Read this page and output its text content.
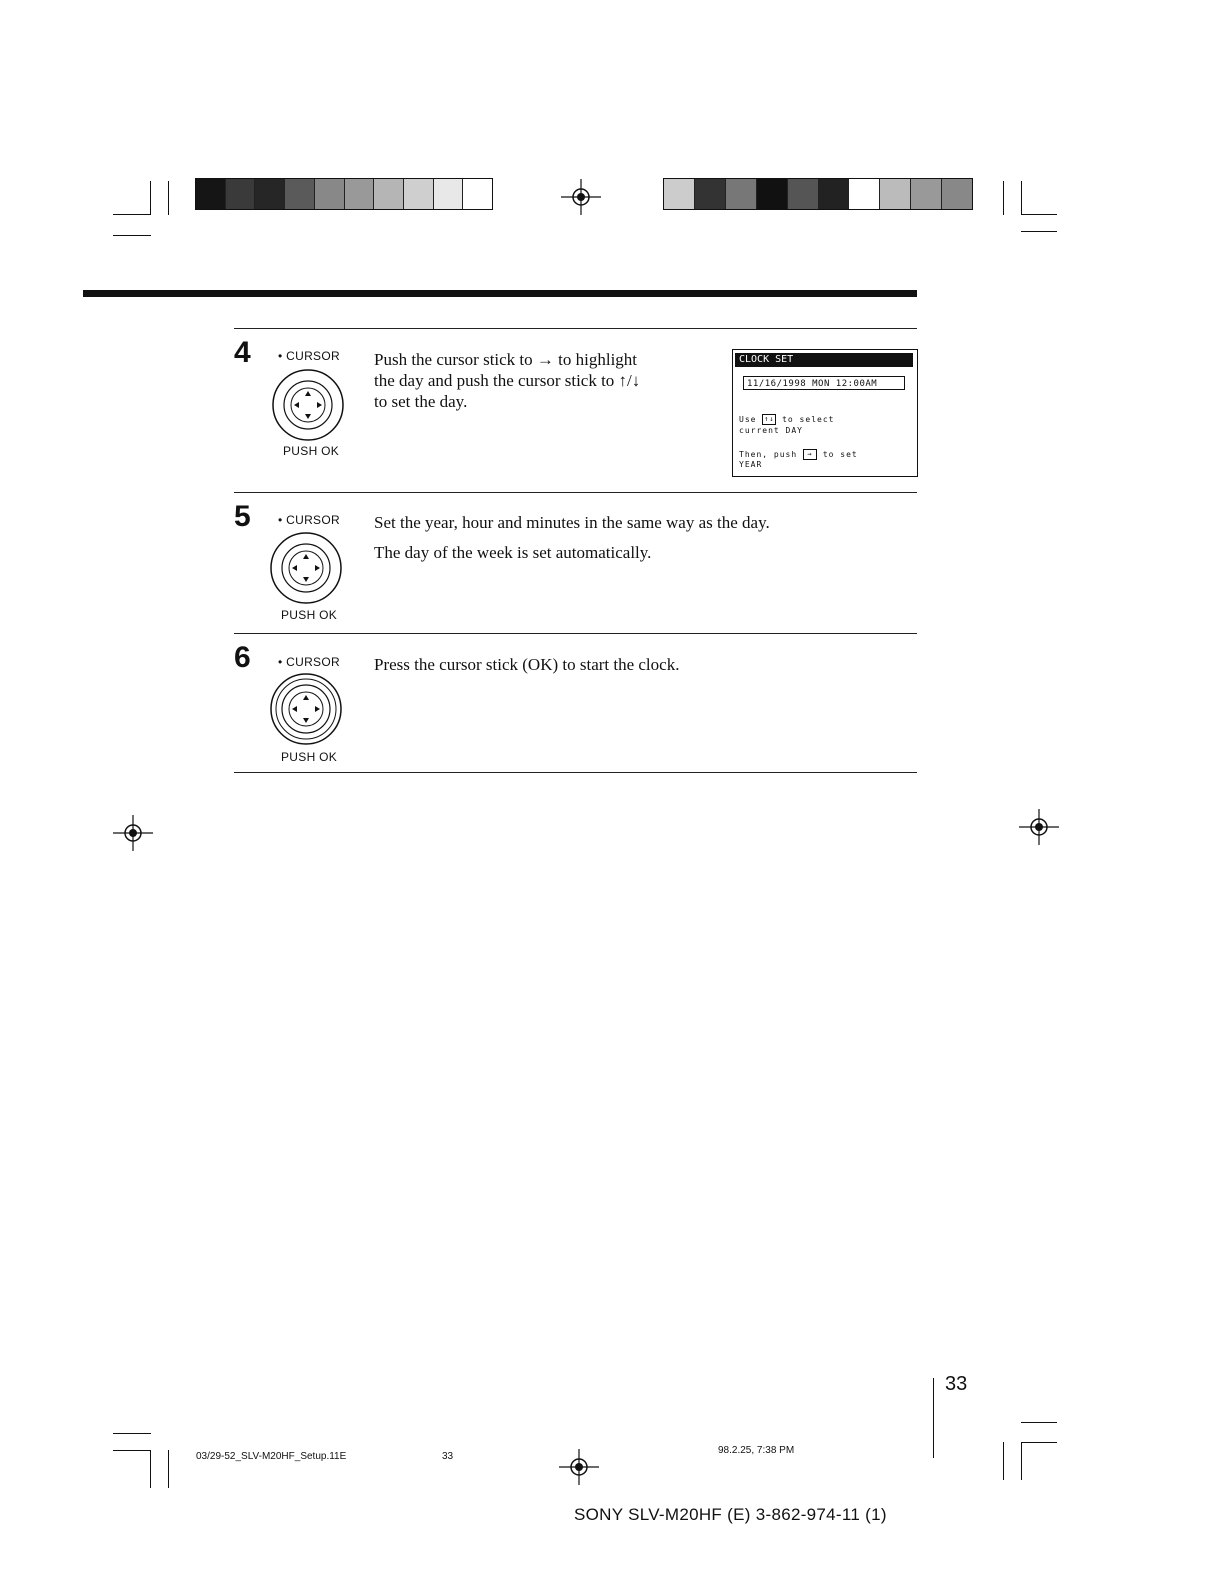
4 • CURSOR
PUSH OK
Push the cursor stick to → to highlight
the day and push the cursor stick to ↑/↓
to set the day.
CLOCK SET
11/16/1998 MON 12:00AM
Use ↑↓ to select
current DAY
Then, push → to set
YEAR
5 • CURSOR
PUSH OK

Set the year, hour and minutes in the same way as the day.

The day of the week is set automatically.

6 • CURSOR
PUSH OK

Press the cursor stick (OK) to start the clock.

33
03/29-52_SLV-M20HF_Setup.11E	33
98.2.25, 7:38 PM
SONY SLV-M20HF (E) 3-862-974-11 (1)
